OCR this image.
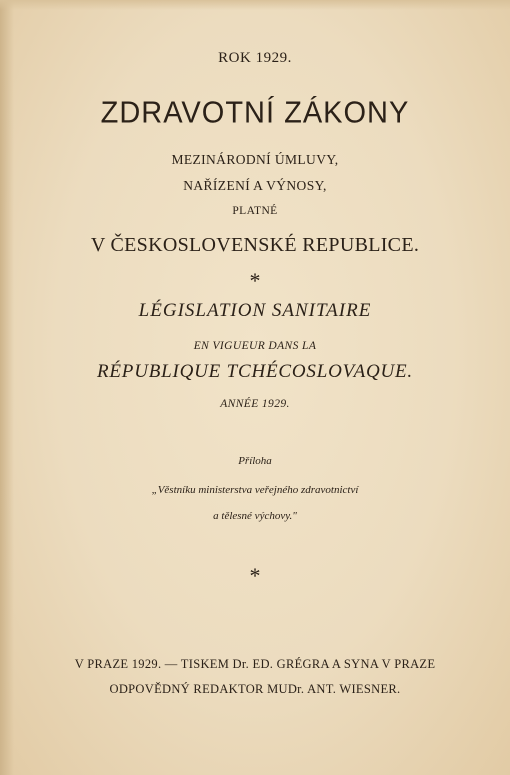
ROK 1929.
ZDRAVOTNÍ ZÁKONY
MEZINÁRODNÍ ÚMLUVY,
NAŘÍZENÍ A VÝNOSY,
PLATNÉ
V ČESKOSLOVENSKÉ REPUBLICE.
*
LÉGISLATION SANITAIRE
EN VIGUEUR DANS LA
RÉPUBLIQUE TCHÉCOSLOVAQUE.
ANNÉE 1929.
Příloha
„Věstníku ministerstva veřejného zdravotnictví
a tělesné výchovy."
*
V PRAZE 1929. — TISKEM Dr. ED. GRÉGRA A SYNA V PRAZE
ODPOVĚDNÝ REDAKTOR MUDr. ANT. WIESNER.
